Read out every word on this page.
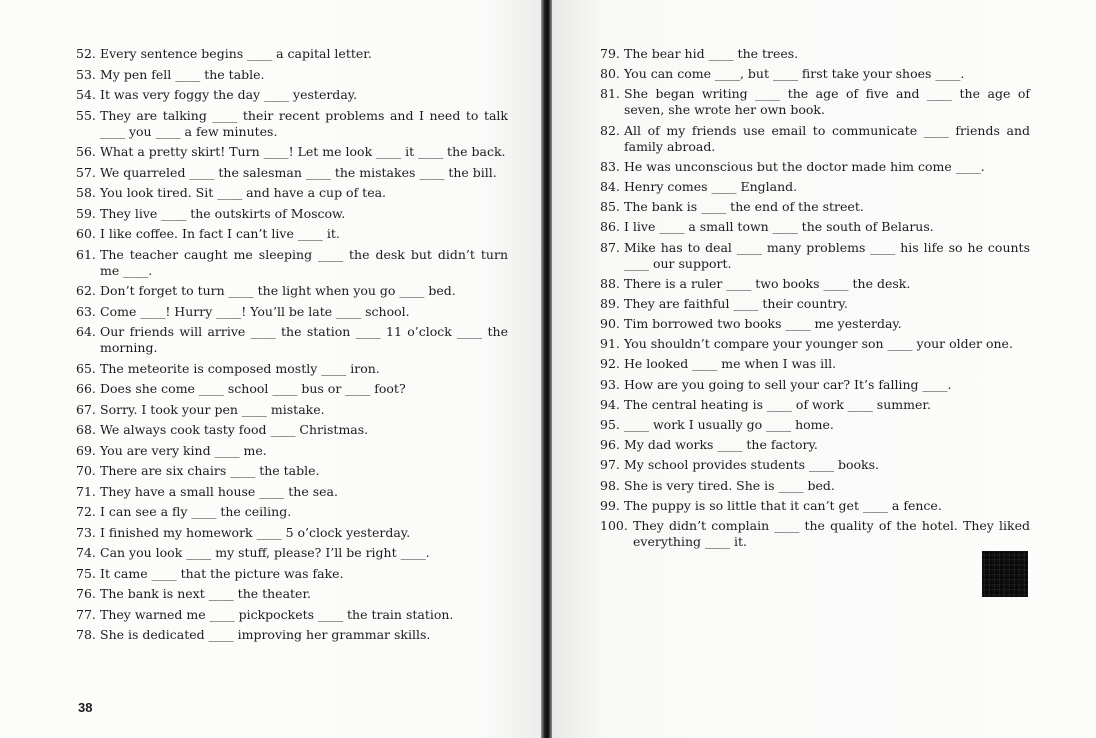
52. Every sentence begins ____ a capital letter.
53. My pen fell ____ the table.
54. It was very foggy the day ____ yesterday.
55. They are talking ____ their recent problems and I need to talk ____ you ____ a few minutes.
56. What a pretty skirt! Turn ____! Let me look ____ it ____ the back.
57. We quarreled ____ the salesman ____ the mistakes ____ the bill.
58. You look tired. Sit ____ and have a cup of tea.
59. They live ____ the outskirts of Moscow.
60. I like coffee. In fact I can’t live ____ it.
61. The teacher caught me sleeping ____ the desk but didn’t turn me ____.
62. Don’t forget to turn ____ the light when you go ____ bed.
63. Come ____! Hurry ____! You’ll be late ____ school.
64. Our friends will arrive ____ the station ____ 11 o’clock ____ the morning.
65. The meteorite is composed mostly ____ iron.
66. Does she come ____ school ____ bus or ____ foot?
67. Sorry. I took your pen ____ mistake.
68. We always cook tasty food ____ Christmas.
69. You are very kind ____ me.
70. There are six chairs ____ the table.
71. They have a small house ____ the sea.
72. I can see a fly ____ the ceiling.
73. I finished my homework ____ 5 o’clock yesterday.
74. Can you look ____ my stuff, please? I’ll be right ____.
75. It came ____ that the picture was fake.
76. The bank is next ____ the theater.
77. They warned me ____ pickpockets ____ the train station.
78. She is dedicated ____ improving her grammar skills.
79. The bear hid ____ the trees.
80. You can come ____, but ____ first take your shoes ____.
81. She began writing ____ the age of five and ____ the age of seven, she wrote her own book.
82. All of my friends use email to communicate ____ friends and family abroad.
83. He was unconscious but the doctor made him come ____.
84. Henry comes ____ England.
85. The bank is ____ the end of the street.
86. I live ____ a small town ____ the south of Belarus.
87. Mike has to deal ____ many problems ____ his life so he counts ____ our support.
88. There is a ruler ____ two books ____ the desk.
89. They are faithful ____ their country.
90. Tim borrowed two books ____ me yesterday.
91. You shouldn’t compare your younger son ____ your older one.
92. He looked ____ me when I was ill.
93. How are you going to sell your car? It’s falling ____.
94. The central heating is ____ of work ____ summer.
95. ____ work I usually go ____ home.
96. My dad works ____ the factory.
97. My school provides students ____ books.
98. She is very tired. She is ____ bed.
99. The puppy is so little that it can’t get ____ a fence.
100. They didn’t complain ____ the quality of the hotel. They liked everything ____ it.
38
